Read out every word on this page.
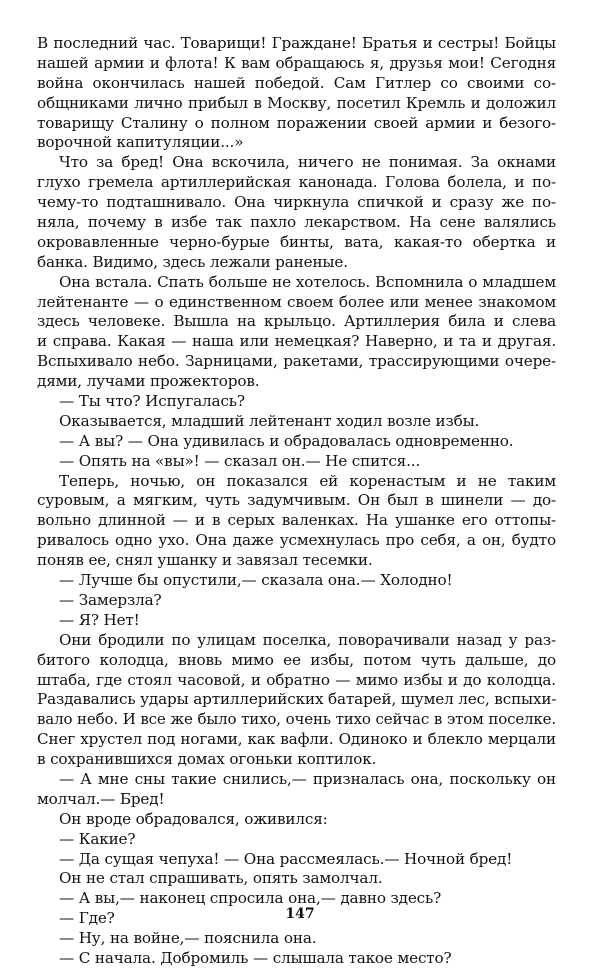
В последний час. Товарищи! Граждане! Братья и сестры! Бойцы
нашей армии и флота! К вам обращаюсь я, друзья мои! Сегодня
война окончилась нашей победой. Сам Гитлер со своими со-
общниками лично прибыл в Москву, посетил Кремль и доложил
товарищу Сталину о полном поражении своей армии и безого-
ворочной капитуляции...»
Что за бред! Она вскочила, ничего не понимая. За окнами
глухо гремела артиллерийская канонада. Голова болела, и по-
чему-то подташнивало. Она чиркнула спичкой и сразу же по-
няла, почему в избе так пахло лекарством. На сене валялись
окровавленные черно-бурые бинты, вата, какая-то обертка и
банка. Видимо, здесь лежали раненые.
Она встала. Спать больше не хотелось. Вспомнила о младшем
лейтенанте — о единственном своем более или менее знакомом
здесь человеке. Вышла на крыльцо. Артиллерия била и слева
и справа. Какая — наша или немецкая? Наверно, и та и другая.
Вспыхивало небо. Зарницами, ракетами, трассирующими очере-
дями, лучами прожекторов.
— Ты что? Испугалась?
Оказывается, младший лейтенант ходил возле избы.
— А вы? — Она удивилась и обрадовалась одновременно.
— Опять на «вы»! — сказал он.— Не спится...
Теперь, ночью, он показался ей коренастым и не таким
суровым, а мягким, чуть задумчивым. Он был в шинели — до-
вольно длинной — и в серых валенках. На ушанке его оттопы-
ривалось одно ухо. Она даже усмехнулась про себя, а он, будто
поняв ее, снял ушанку и завязал тесемки.
— Лучше бы опустили,— сказала она.— Холодно!
— Замерзла?
— Я? Нет!
Они бродили по улицам поселка, поворачивали назад у раз-
битого колодца, вновь мимо ее избы, потом чуть дальше, до
штаба, где стоял часовой, и обратно — мимо избы и до колодца.
Раздавались удары артиллерийских батарей, шумел лес, вспыхи-
вало небо. И все же было тихо, очень тихо сейчас в этом поселке.
Снег хрустел под ногами, как вафли. Одиноко и блекло мерцали
в сохранившихся домах огоньки коптилок.
— А мне сны такие снились,— призналась она, поскольку он
молчал.— Бред!
Он вроде обрадовался, оживился:
— Какие?
— Да сущая чепуха! — Она рассмеялась.— Ночной бред!
Он не стал спрашивать, опять замолчал.
— А вы,— наконец спросила она,— давно здесь?
— Где?
— Ну, на войне,— пояснила она.
— С начала. Добромиль — слышала такое место?
147
